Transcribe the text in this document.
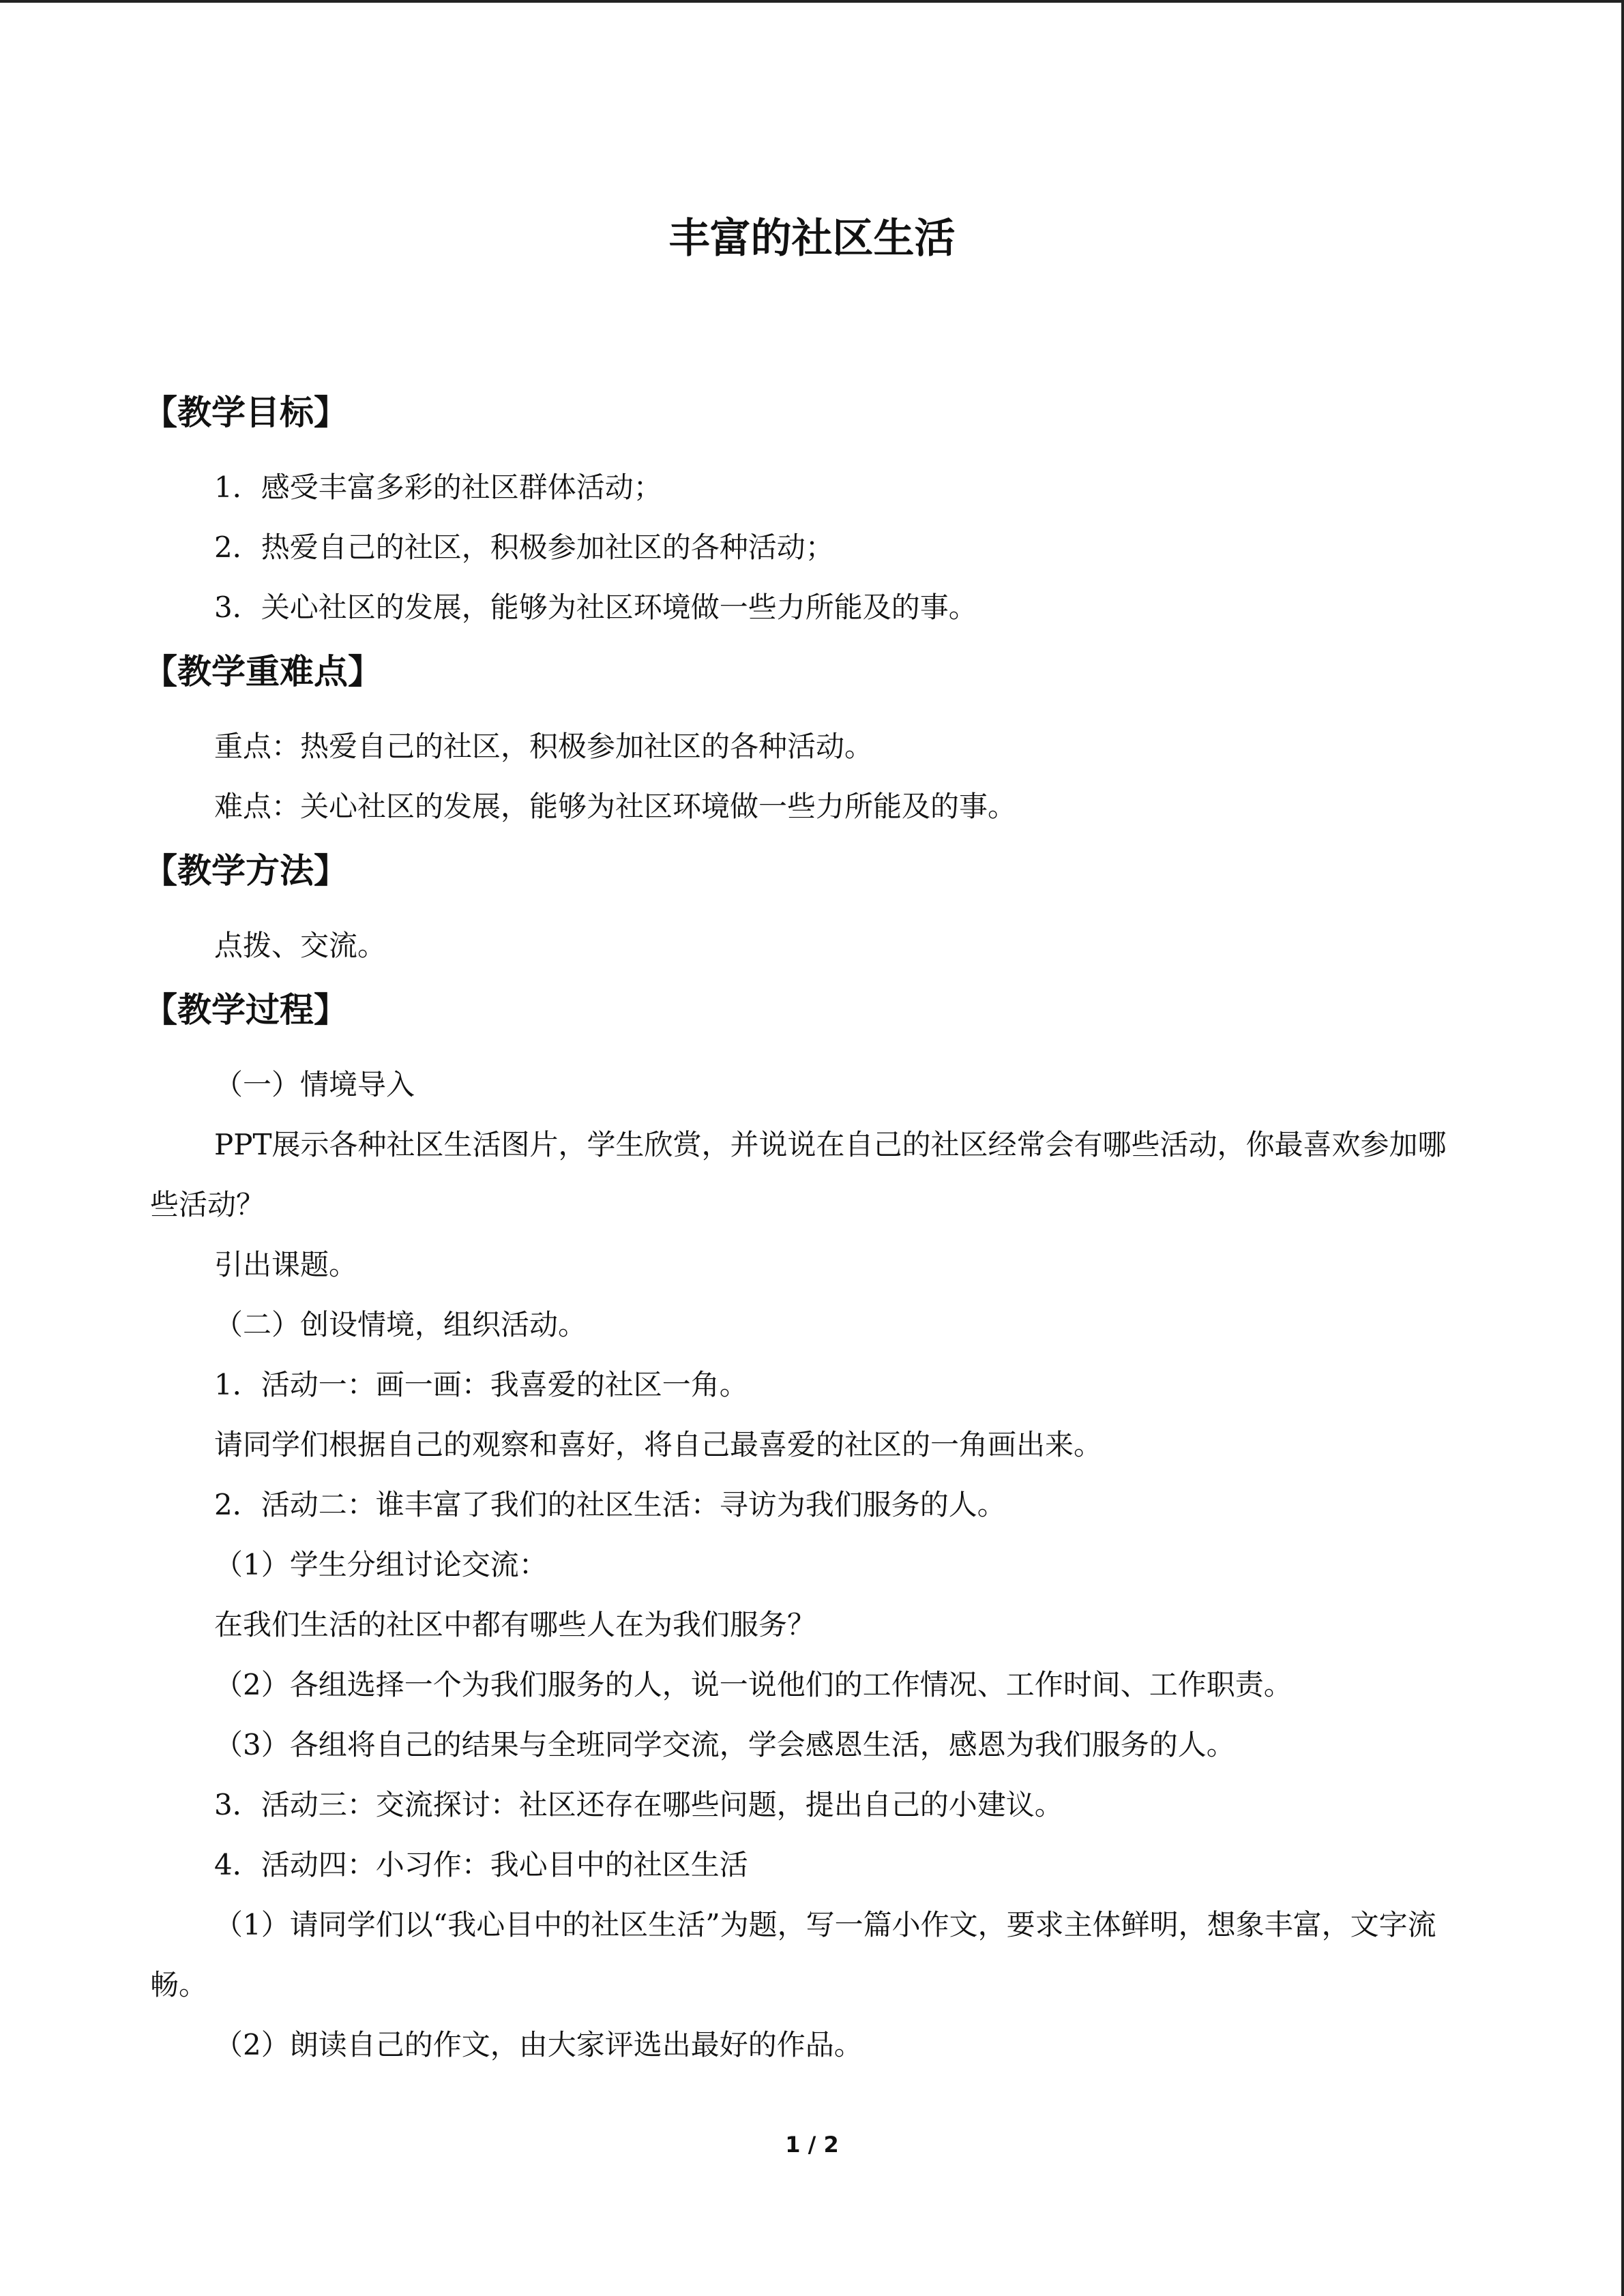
丰富的社区生活
【教学目标】

1．感受丰富多彩的社区群体活动；

2．热爱自己的社区，积极参加社区的各种活动；

3．关心社区的发展，能够为社区环境做一些力所能及的事。

【教学重难点】

重点：热爱自己的社区，积极参加社区的各种活动。

难点：关心社区的发展，能够为社区环境做一些力所能及的事。

【教学方法】

点拨、交流。

【教学过程】

（一）情境导入

PPT展示各种社区生活图片，学生欣赏，并说说在自己的社区经常会有哪些活动，你最喜欢参加哪些活动？

引出课题。

（二）创设情境，组织活动。

1．活动一：画一画：我喜爱的社区一角。

请同学们根据自己的观察和喜好，将自己最喜爱的社区的一角画出来。

2．活动二：谁丰富了我们的社区生活：寻访为我们服务的人。

（1）学生分组讨论交流：

在我们生活的社区中都有哪些人在为我们服务？

（2）各组选择一个为我们服务的人，说一说他们的工作情况、工作时间、工作职责。

（3）各组将自己的结果与全班同学交流，学会感恩生活，感恩为我们服务的人。

3．活动三：交流探讨：社区还存在哪些问题，提出自己的小建议。

4．活动四：小习作：我心目中的社区生活

（1）请同学们以“我心目中的社区生活”为题，写一篇小作文，要求主体鲜明，想象丰富，文字流畅。

（2）朗读自己的作文，由大家评选出最好的作品。

1 / 2
